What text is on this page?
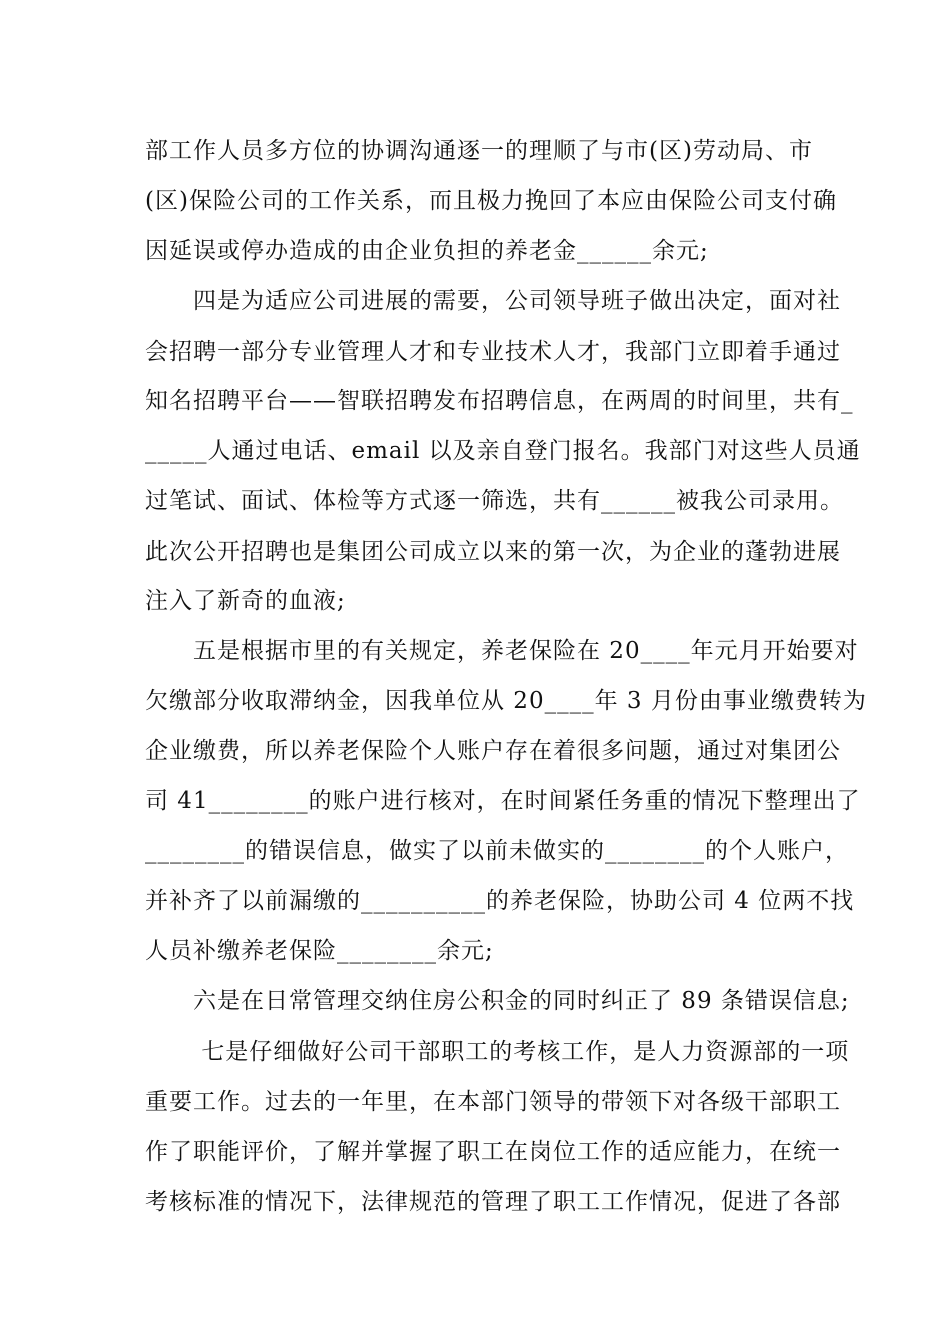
部工作人员多方位的协调沟通逐一的理顺了与市(区)劳动局、市
(区)保险公司的工作关系，而且极力挽回了本应由保险公司支付确
因延误或停办造成的由企业负担的养老金______余元;
　　四是为适应公司进展的需要，公司领导班子做出决定，面对社
会招聘一部分专业管理人才和专业技术人才，我部门立即着手通过
知名招聘平台——智联招聘发布招聘信息，在两周的时间里，共有_
_____人通过电话、email 以及亲自登门报名。我部门对这些人员通
过笔试、面试、体检等方式逐一筛选，共有______被我公司录用。
此次公开招聘也是集团公司成立以来的第一次，为企业的蓬勃进展
注入了新奇的血液;
　　五是根据市里的有关规定，养老保险在 20____年元月开始要对
欠缴部分收取滞纳金，因我单位从 20____年 3 月份由事业缴费转为
企业缴费，所以养老保险个人账户存在着很多问题，通过对集团公
司 41________的账户进行核对，在时间紧任务重的情况下整理出了
________的错误信息，做实了以前未做实的________的个人账户，
并补齐了以前漏缴的__________的养老保险，协助公司 4 位两不找
人员补缴养老保险________余元;
　　六是在日常管理交纳住房公积金的同时纠正了 89 条错误信息;
　　 七是仔细做好公司干部职工的考核工作，是人力资源部的一项
重要工作。过去的一年里，在本部门领导的带领下对各级干部职工
作了职能评价，了解并掌握了职工在岗位工作的适应能力，在统一
考核标准的情况下，法律规范的管理了职工工作情况，促进了各部
